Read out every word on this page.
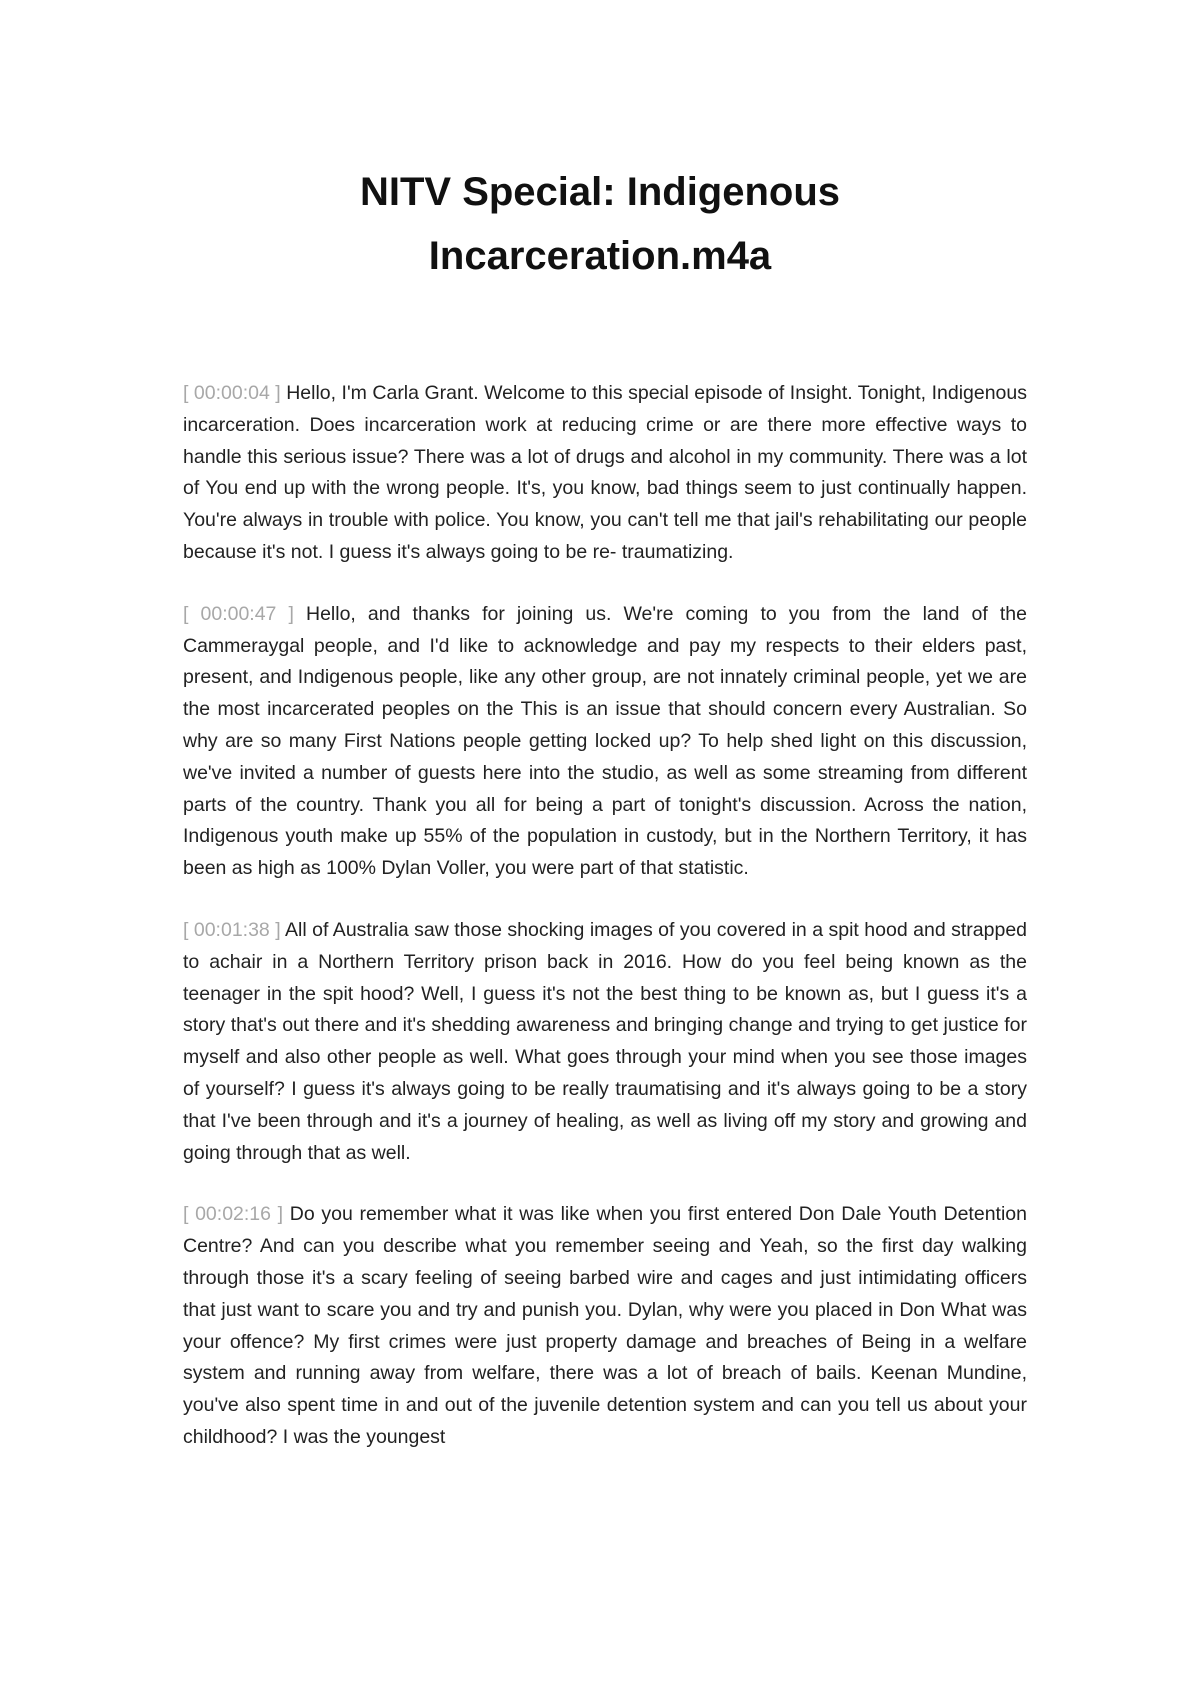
NITV Special: Indigenous Incarceration.m4a

[ 00:00:04 ] Hello, I'm Carla Grant. Welcome to this special episode of Insight. Tonight, Indigenous incarceration. Does incarceration work at reducing crime or are there more effective ways to handle this serious issue? There was a lot of drugs and alcohol in my community. There was a lot of You end up with the wrong people. It's, you know, bad things seem to just continually happen. You're always in trouble with police. You know, you can't tell me that jail's rehabilitating our people because it's not. I guess it's always going to be re- traumatizing.

[ 00:00:47 ] Hello, and thanks for joining us. We're coming to you from the land of the Cammeraygal people, and I'd like to acknowledge and pay my respects to their elders past, present, and Indigenous people, like any other group, are not innately criminal people, yet we are the most incarcerated peoples on the This is an issue that should concern every Australian. So why are so many First Nations people getting locked up? To help shed light on this discussion, we've invited a number of guests here into the studio, as well as some streaming from different parts of the country. Thank you all for being a part of tonight's discussion. Across the nation, Indigenous youth make up 55% of the population in custody, but in the Northern Territory, it has been as high as 100% Dylan Voller, you were part of that statistic.

[ 00:01:38 ] All of Australia saw those shocking images of you covered in a spit hood and strapped to achair in a Northern Territory prison back in 2016. How do you feel being known as the teenager in the spit hood? Well, I guess it's not the best thing to be known as, but I guess it's a story that's out there and it's shedding awareness and bringing change and trying to get justice for myself and also other people as well. What goes through your mind when you see those images of yourself? I guess it's always going to be really traumatising and it's always going to be a story that I've been through and it's a journey of healing, as well as living off my story and growing and going through that as well.

[ 00:02:16 ] Do you remember what it was like when you first entered Don Dale Youth Detention Centre? And can you describe what you remember seeing and Yeah, so the first day walking through those it's a scary feeling of seeing barbed wire and cages and just intimidating officers that just want to scare you and try and punish you. Dylan, why were you placed in Don What was your offence? My first crimes were just property damage and breaches of Being in a welfare system and running away from welfare, there was a lot of breach of bails. Keenan Mundine, you've also spent time in and out of the juvenile detention system and can you tell us about your childhood? I was the youngest
